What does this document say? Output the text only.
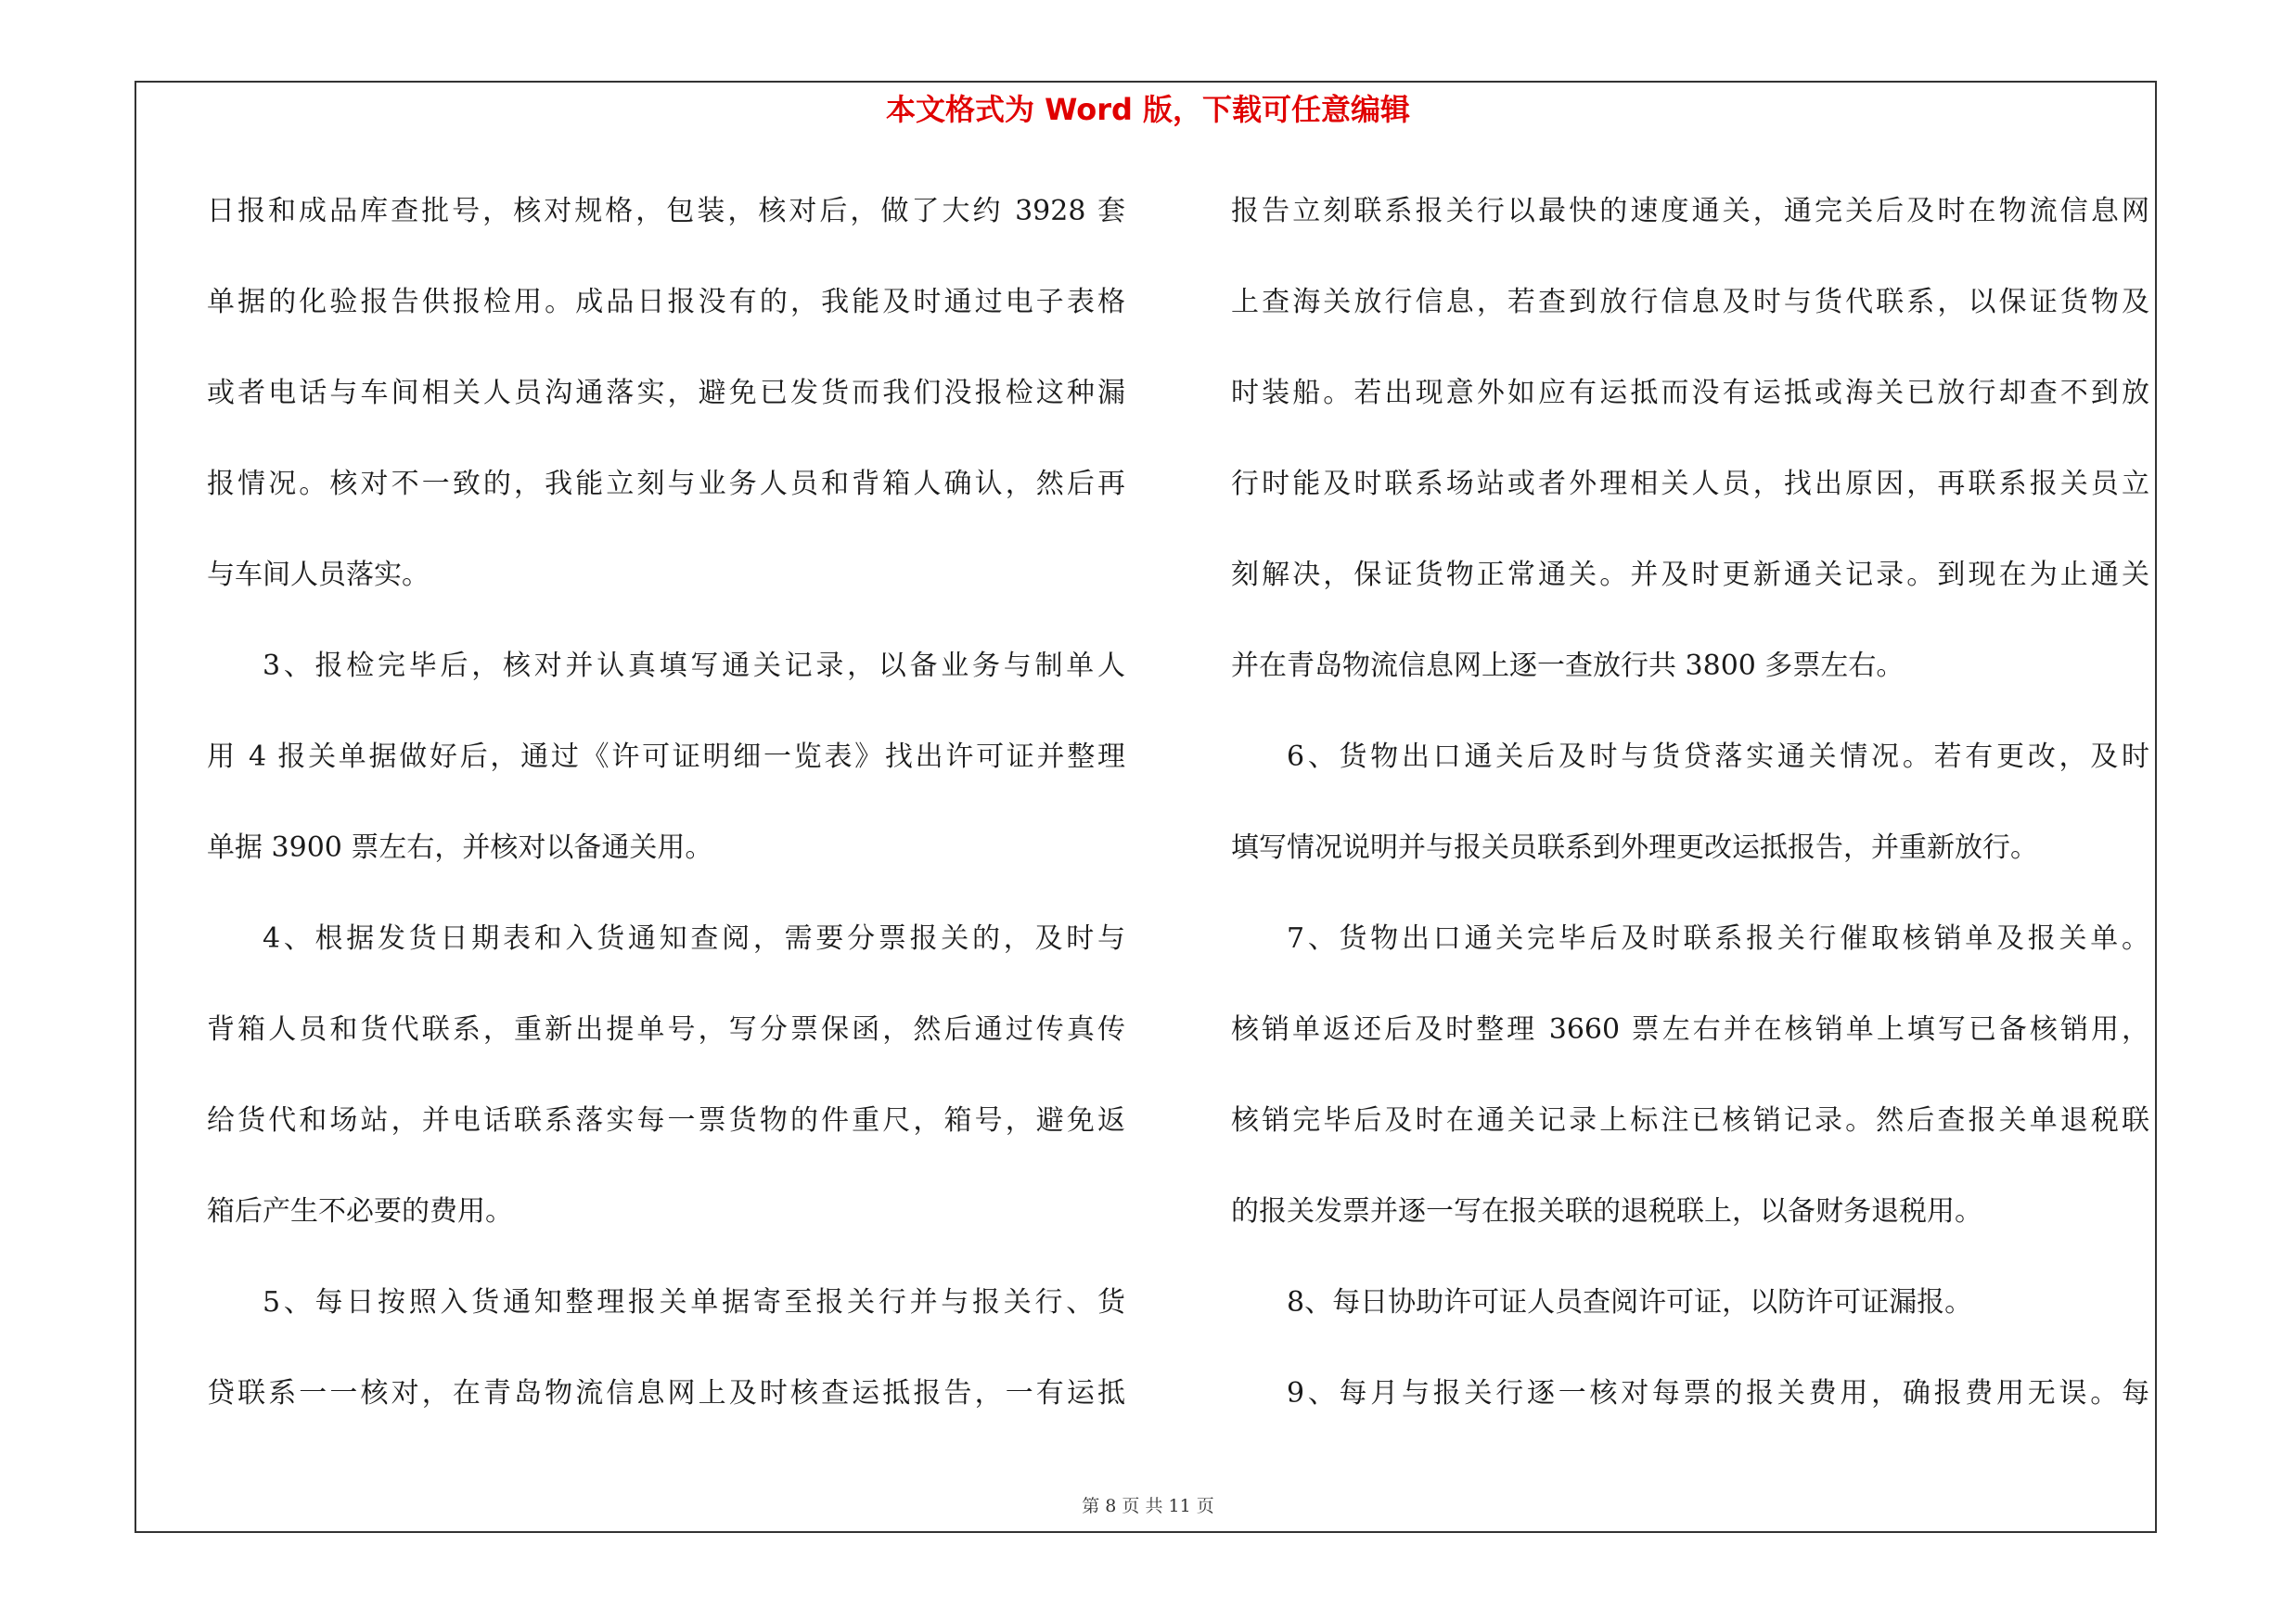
本文格式为 Word 版，下载可任意编辑
日报和成品库查批号，核对规格，包装，核对后，做了大约 3928 套
单据的化验报告供报检用。成品日报没有的，我能及时通过电子表格
或者电话与车间相关人员沟通落实，避免已发货而我们没报检这种漏
报情况。核对不一致的，我能立刻与业务人员和背箱人确认，然后再
与车间人员落实。
3、报检完毕后，核对并认真填写通关记录，以备业务与制单人
用 4 报关单据做好后，通过《许可证明细一览表》找出许可证并整理
单据 3900 票左右，并核对以备通关用。
4、根据发货日期表和入货通知查阅，需要分票报关的，及时与
背箱人员和货代联系，重新出提单号，写分票保函，然后通过传真传
给货代和场站，并电话联系落实每一票货物的件重尺，箱号，避免返
箱后产生不必要的费用。
5、每日按照入货通知整理报关单据寄至报关行并与报关行、货
贷联系一一核对，在青岛物流信息网上及时核查运抵报告，一有运抵
报告立刻联系报关行以最快的速度通关，通完关后及时在物流信息网
上查海关放行信息，若查到放行信息及时与货代联系，以保证货物及
时装船。若出现意外如应有运抵而没有运抵或海关已放行却查不到放
行时能及时联系场站或者外理相关人员，找出原因，再联系报关员立
刻解决，保证货物正常通关。并及时更新通关记录。到现在为止通关
并在青岛物流信息网上逐一查放行共 3800 多票左右。
6、货物出口通关后及时与货贷落实通关情况。若有更改，及时
填写情况说明并与报关员联系到外理更改运抵报告，并重新放行。
7、货物出口通关完毕后及时联系报关行催取核销单及报关单。
核销单返还后及时整理 3660 票左右并在核销单上填写已备核销用，
核销完毕后及时在通关记录上标注已核销记录。然后查报关单退税联
的报关发票并逐一写在报关联的退税联上，以备财务退税用。
8、每日协助许可证人员查阅许可证，以防许可证漏报。
9、每月与报关行逐一核对每票的报关费用，确报费用无误。每
第 8 页 共 11 页
